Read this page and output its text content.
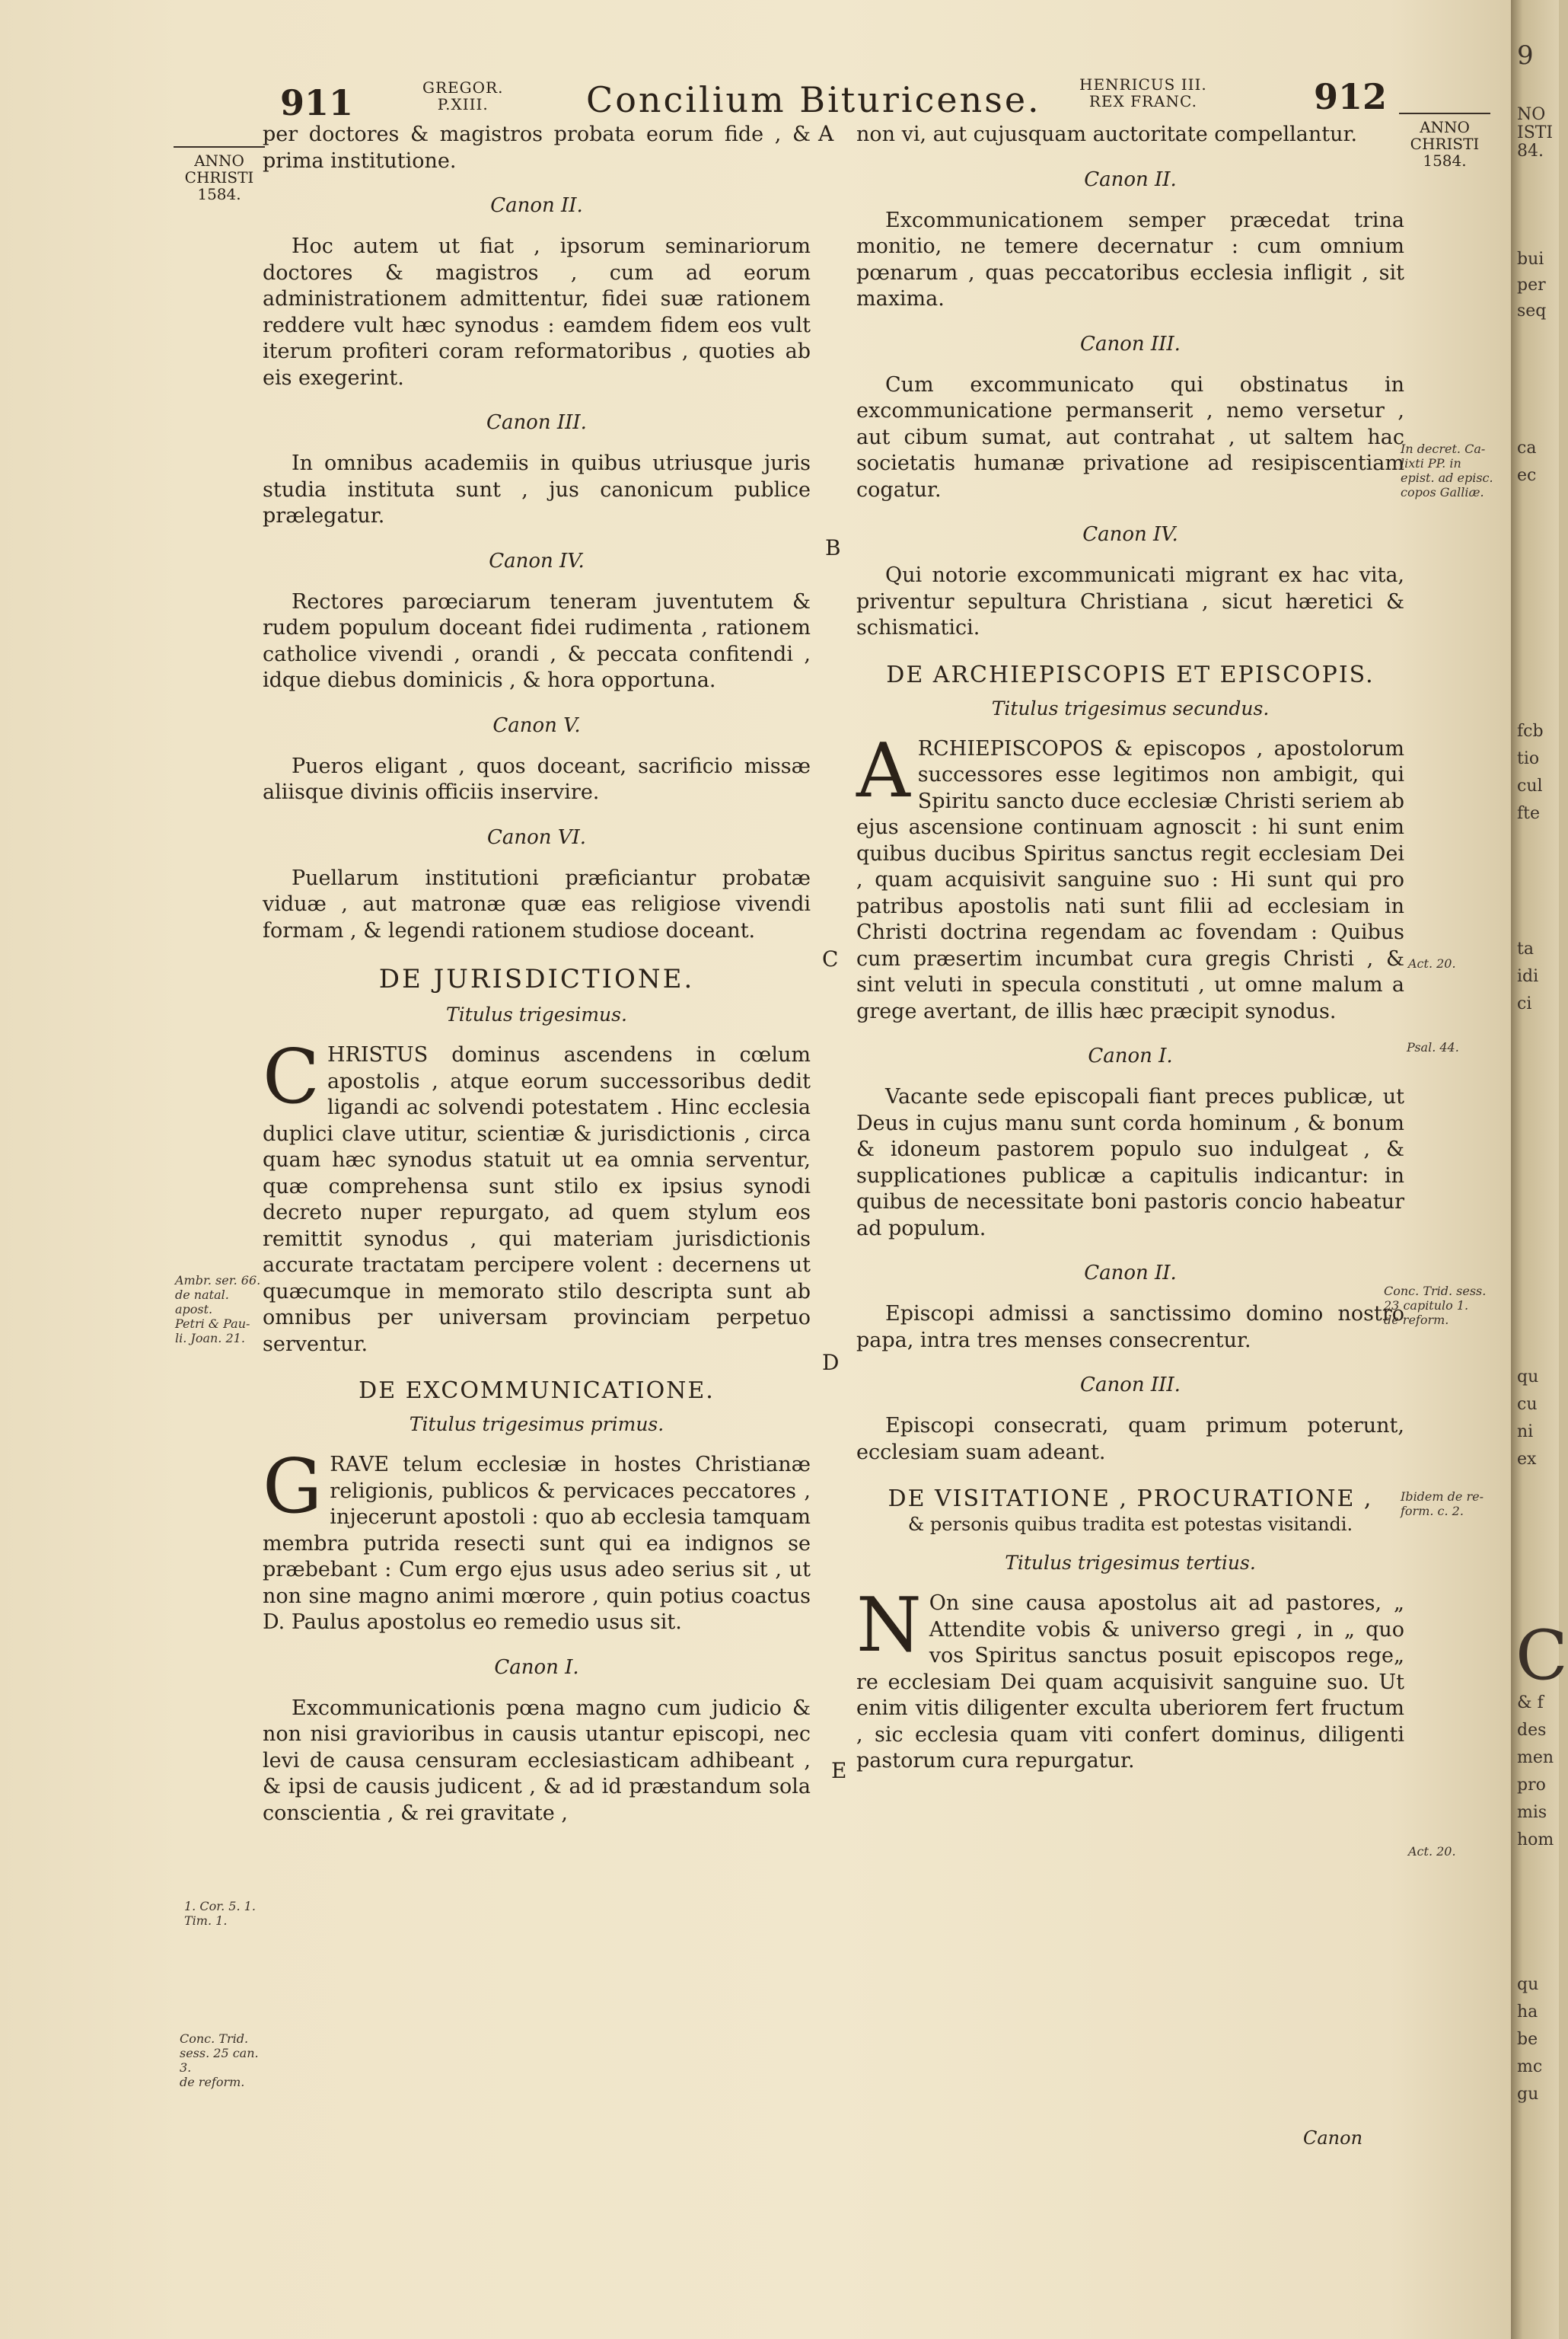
911	GREGOR.
P.XIII.	Concilium Bituricense.	HENRICUS III.
REX FRANC.	912
ANNO
CHRISTI
1584.
ANNO
CHRISTI
1584.
A
B
C
D
E
Ambr. ser. 66.
de natal. apost.
Petri & Pau-
li. Joan. 21.
1. Cor. 5. 1.
Tim. 1.
Conc. Trid.
sess. 25 can. 3.
de reform.
In decret. Ca-
lixti PP. in
epist. ad episc.
copos Galliæ.
Act. 20.
Psal. 44.
Conc. Trid. sess.
23 capitulo 1.
de reform.
Ibidem de re-
form. c. 2.
Act. 20.

per doctores & magistros probata eorum fide , & prima institutione.

Canon II.

Hoc autem ut fiat , ipsorum seminariorum doctores & magistros , cum ad eorum administrationem admittentur, fidei suæ rationem reddere vult hæc synodus : eamdem fidem eos vult iterum profiteri coram reformatoribus , quoties ab eis exegerint.

Canon III.

In omnibus academiis in quibus utriusque juris studia instituta sunt , jus canonicum publice prælegatur.

Canon IV.

Rectores parœciarum teneram juventutem & rudem populum doceant fidei rudimenta , rationem catholice vivendi , orandi , & peccata confitendi , idque diebus dominicis , & hora opportuna.

Canon V.

Pueros eligant , quos doceant, sacrificio missæ aliisque divinis officiis inservire.

Canon VI.

Puellarum institutioni præficiantur probatæ viduæ , aut matronæ quæ eas religiose vivendi formam , & legendi rationem studiose doceant.

DE JURISDICTIONE.
Titulus trigesimus.

CHRISTUS dominus ascendens in cœlum apostolis , atque eorum successoribus dedit ligandi ac solvendi potestatem . Hinc ecclesia duplici clave utitur, scientiæ & jurisdictionis , circa quam hæc synodus statuit ut ea omnia serventur, quæ comprehensa sunt stilo ex ipsius synodi decreto nuper repurgato, ad quem stylum eos remittit synodus , qui materiam jurisdictionis accurate tractatam percipere volent : decernens ut quæcumque in memorato stilo descripta sunt ab omnibus per universam provinciam perpetuo serventur.

DE EXCOMMUNICATIONE.
Titulus trigesimus primus.

GRAVE telum ecclesiæ in hostes Christianæ religionis, publicos & pervicaces peccatores , injecerunt apostoli : quo ab ecclesia tamquam membra putrida resecti sunt qui ea indignos se præbebant : Cum ergo ejus usus adeo serius sit , ut non sine magno animi mœrore , quin potius coactus D. Paulus apostolus eo remedio usus sit.

Canon I.

Excommunicationis pœna magno cum judicio & non nisi gravioribus in causis utantur episcopi, nec levi de causa censuram ecclesiasticam adhibeant , & ipsi de causis judicent , & ad id præstandum sola conscientia , & rei gravitate ,

non vi, aut cujusquam auctoritate compellantur.

Canon II.

Excommunicationem semper præcedat trina monitio, ne temere decernatur : cum omnium pœnarum , quas peccatoribus ecclesia infligit , sit maxima.

Canon III.

Cum excommunicato qui obstinatus in excommunicatione permanserit , nemo versetur , aut cibum sumat, aut contrahat , ut saltem hac societatis humanæ privatione ad resipiscentiam cogatur.

Canon IV.

Qui notorie excommunicati migrant ex hac vita, priventur sepultura Christiana , sicut hæretici & schismatici.

DE ARCHIEPISCOPIS ET EPISCOPIS.
Titulus trigesimus secundus.

ARCHIEPISCOPOS & episcopos , apostolorum successores esse legitimos non ambigit, qui Spiritu sancto duce ecclesiæ Christi seriem ab ejus ascensione continuam agnoscit : hi sunt enim quibus ducibus Spiritus sanctus regit ecclesiam Dei , quam acquisivit sanguine suo : Hi sunt qui pro patribus apostolis nati sunt filii ad ecclesiam in Christi doctrina regendam ac fovendam : Quibus cum præsertim incumbat cura gregis Christi , & sint veluti in specula constituti , ut omne malum a grege avertant, de illis hæc præcipit synodus.

Canon I.

Vacante sede episcopali fiant preces publicæ, ut Deus in cujus manu sunt corda hominum , & bonum & idoneum pastorem populo suo indulgeat , & supplicationes publicæ a capitulis indicantur: in quibus de necessitate boni pastoris concio habeatur ad populum.

Canon II.

Episcopi admissi a sanctissimo domino nostro papa, intra tres menses consecrentur.

Canon III.

Episcopi consecrati, quam primum poterunt, ecclesiam suam adeant.

DE VISITATIONE , PROCURATIONE ,
& personis quibus tradita est potestas visitandi.
Titulus trigesimus tertius.

N On sine causa apostolus ait ad pastores, „ Attendite vobis & universo gregi , in „ quo vos Spiritus sanctus posuit episcopos rege„ re ecclesiam Dei quam acquisivit sanguine suo. Ut enim vitis diligenter exculta uberiorem fert fructum , sic ecclesia quam viti confert dominus, diligenti pastorum cura repurgatur.

Canon
9
NO
ISTI
84.
bui
per
seq
ca
ec
fcb
tio
cul
fte
ta
idi
ci
qu
cu
ni
ex
C
& f
des
men
pro
mis
hom
qu
ha
be
mc
gu
